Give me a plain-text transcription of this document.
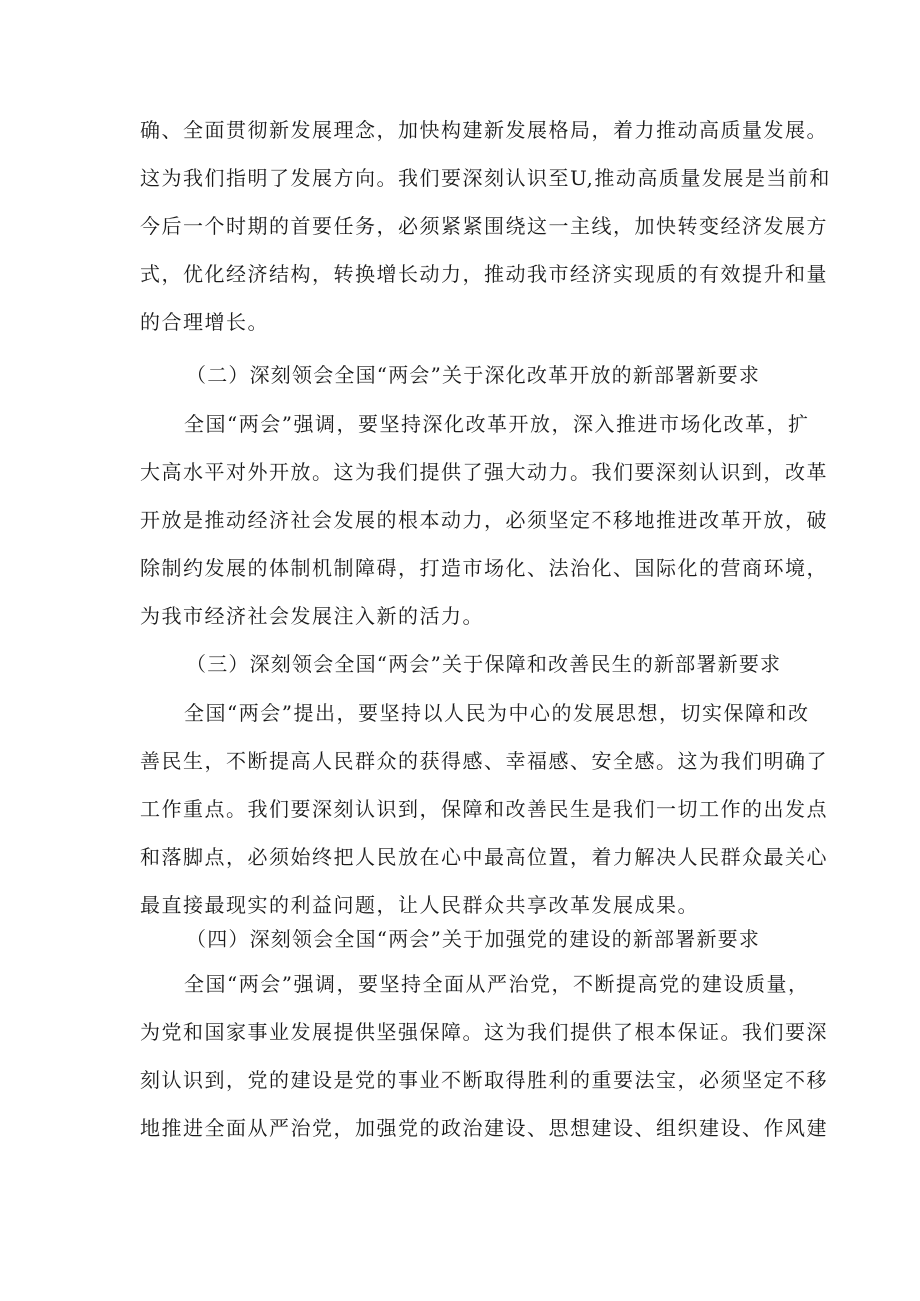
确、全面贯彻新发展理念，加快构建新发展格局，着力推动高质量发展。

这为我们指明了发展方向。我们要深刻认识至U,推动高质量发展是当前和

今后一个时期的首要任务，必须紧紧围绕这一主线，加快转变经济发展方

式，优化经济结构，转换增长动力，推动我市经济实现质的有效提升和量

的合理增长。

（二）深刻领会全国“两会”关于深化改革开放的新部署新要求

全国“两会”强调，要坚持深化改革开放，深入推进市场化改革，扩

大高水平对外开放。这为我们提供了强大动力。我们要深刻认识到，改革

开放是推动经济社会发展的根本动力，必须坚定不移地推进改革开放，破

除制约发展的体制机制障碍，打造市场化、法治化、国际化的营商环境，

为我市经济社会发展注入新的活力。

（三）深刻领会全国“两会”关于保障和改善民生的新部署新要求

全国“两会”提出，要坚持以人民为中心的发展思想，切实保障和改

善民生，不断提高人民群众的获得感、幸福感、安全感。这为我们明确了

工作重点。我们要深刻认识到，保障和改善民生是我们一切工作的出发点

和落脚点，必须始终把人民放在心中最高位置，着力解决人民群众最关心

最直接最现实的利益问题，让人民群众共享改革发展成果。

（四）深刻领会全国“两会”关于加强党的建设的新部署新要求

全国“两会”强调，要坚持全面从严治党，不断提高党的建设质量，

为党和国家事业发展提供坚强保障。这为我们提供了根本保证。我们要深

刻认识到，党的建设是党的事业不断取得胜利的重要法宝，必须坚定不移

地推进全面从严治党，加强党的政治建设、思想建设、组织建设、作风建
